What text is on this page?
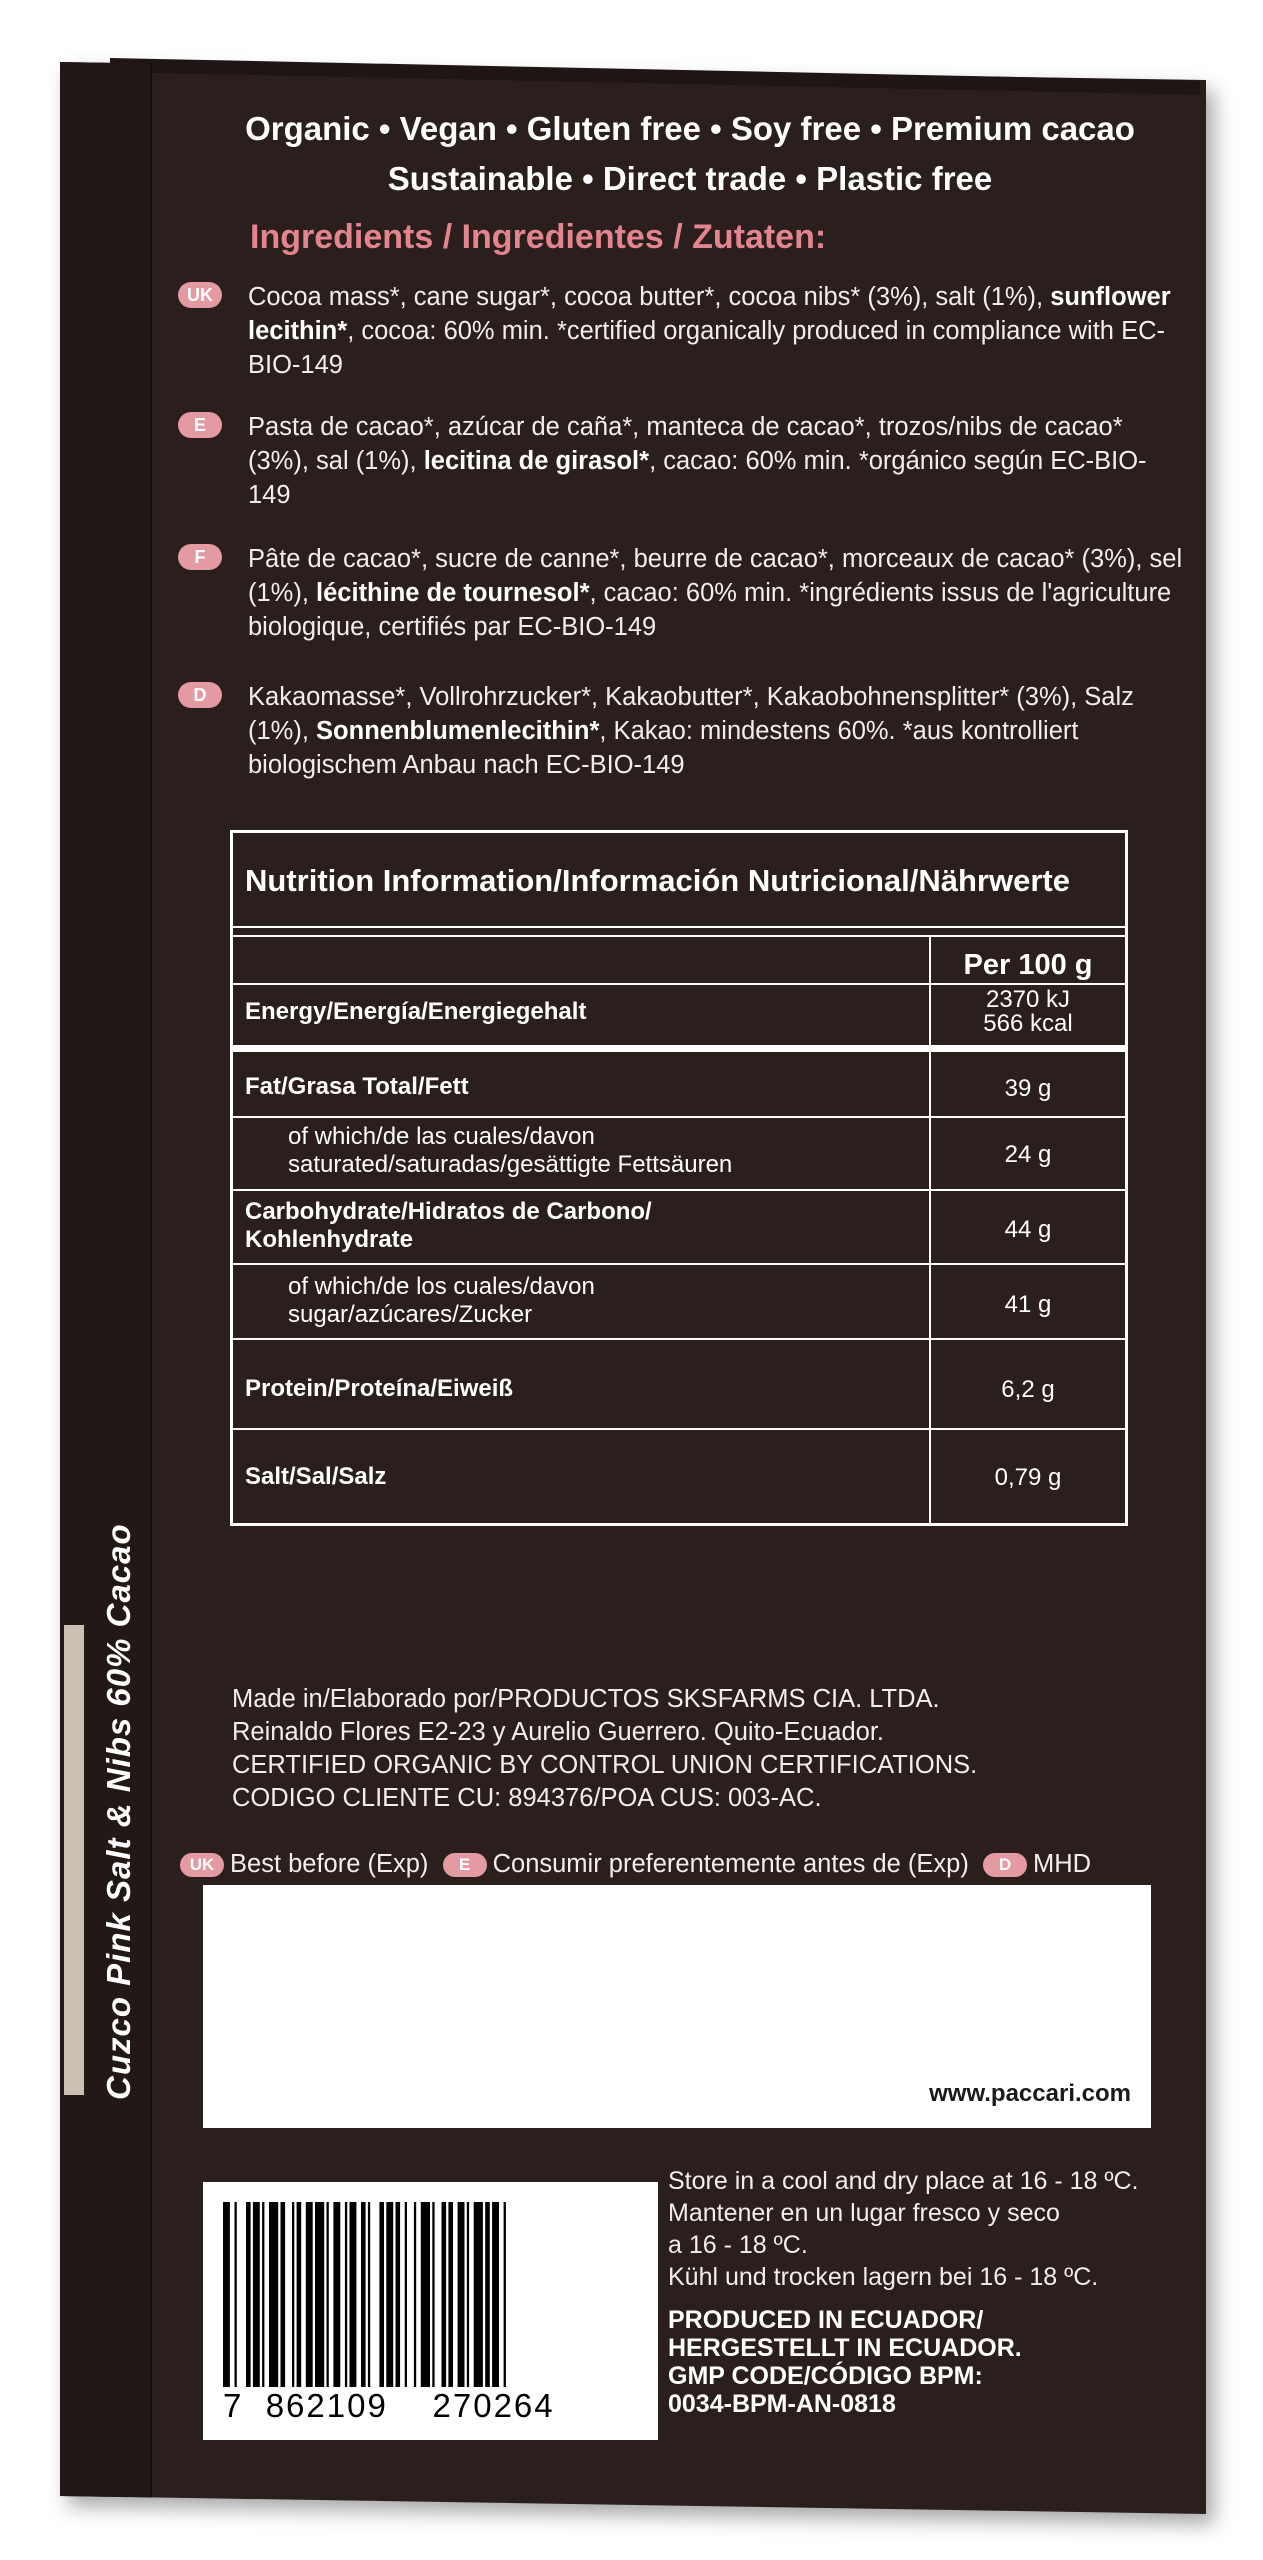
Cuzco Pink Salt & Nibs 60% Cacao
Organic • Vegan • Gluten free • Soy free • Premium cacao
Sustainable • Direct trade • Plastic free
Ingredients / Ingredientes / Zutaten:
UK	Cocoa mass*, cane sugar*, cocoa butter*, cocoa nibs* (3%), salt (1%), sunflower lecithin*, cocoa: 60% min. *certified organically produced in compliance with EC-BIO-149
E	Pasta de cacao*, azúcar de caña*, manteca de cacao*, trozos/nibs de cacao* (3%), sal (1%), lecitina de girasol*, cacao: 60% min. *orgánico según EC-BIO-149
F	Pâte de cacao*, sucre de canne*, beurre de cacao*, morceaux de cacao* (3%), sel (1%), lécithine de tournesol*, cacao: 60% min. *ingrédients issus de l'agriculture biologique, certifiés par EC-BIO-149
D	Kakaomasse*, Vollrohrzucker*, Kakaobutter*, Kakaobohnensplitter* (3%), Salz (1%), Sonnenblumenlecithin*, Kakao: mindestens 60%. *aus kontrolliert biologischem Anbau nach EC-BIO-149
Nutrition Information/Información Nutricional/Nährwerte
Per 100 g
Energy/Energía/Energiegehalt	2370 kJ
566 kcal
Fat/Grasa Total/Fett	39 g
of which/de las cuales/davon
saturated/saturadas/gesättigte Fettsäuren	24 g
Carbohydrate/Hidratos de Carbono/
Kohlenhydrate	44 g
of which/de los cuales/davon
sugar/azúcares/Zucker	41 g
Protein/Proteína/Eiweiß	6,2 g
Salt/Sal/Salz	0,79 g
Made in/Elaborado por/PRODUCTOS SKSFARMS CIA. LTDA.
Reinaldo Flores E2-23 y Aurelio Guerrero. Quito-Ecuador.
CERTIFIED ORGANIC BY CONTROL UNION CERTIFICATIONS.
CODIGO CLIENTE CU: 894376/POA CUS: 003-AC.
UK Best before (Exp) E Consumir preferentemente antes de (Exp) D MHD
www.paccari.com
7 862109 270264
Store in a cool and dry place at 16 - 18 ºC.
Mantener en un lugar fresco y seco
a 16 - 18 ºC.
Kühl und trocken lagern bei 16 - 18 ºC.
PRODUCED IN ECUADOR/
HERGESTELLT IN ECUADOR.
GMP CODE/CÓDIGO BPM:
0034-BPM-AN-0818
